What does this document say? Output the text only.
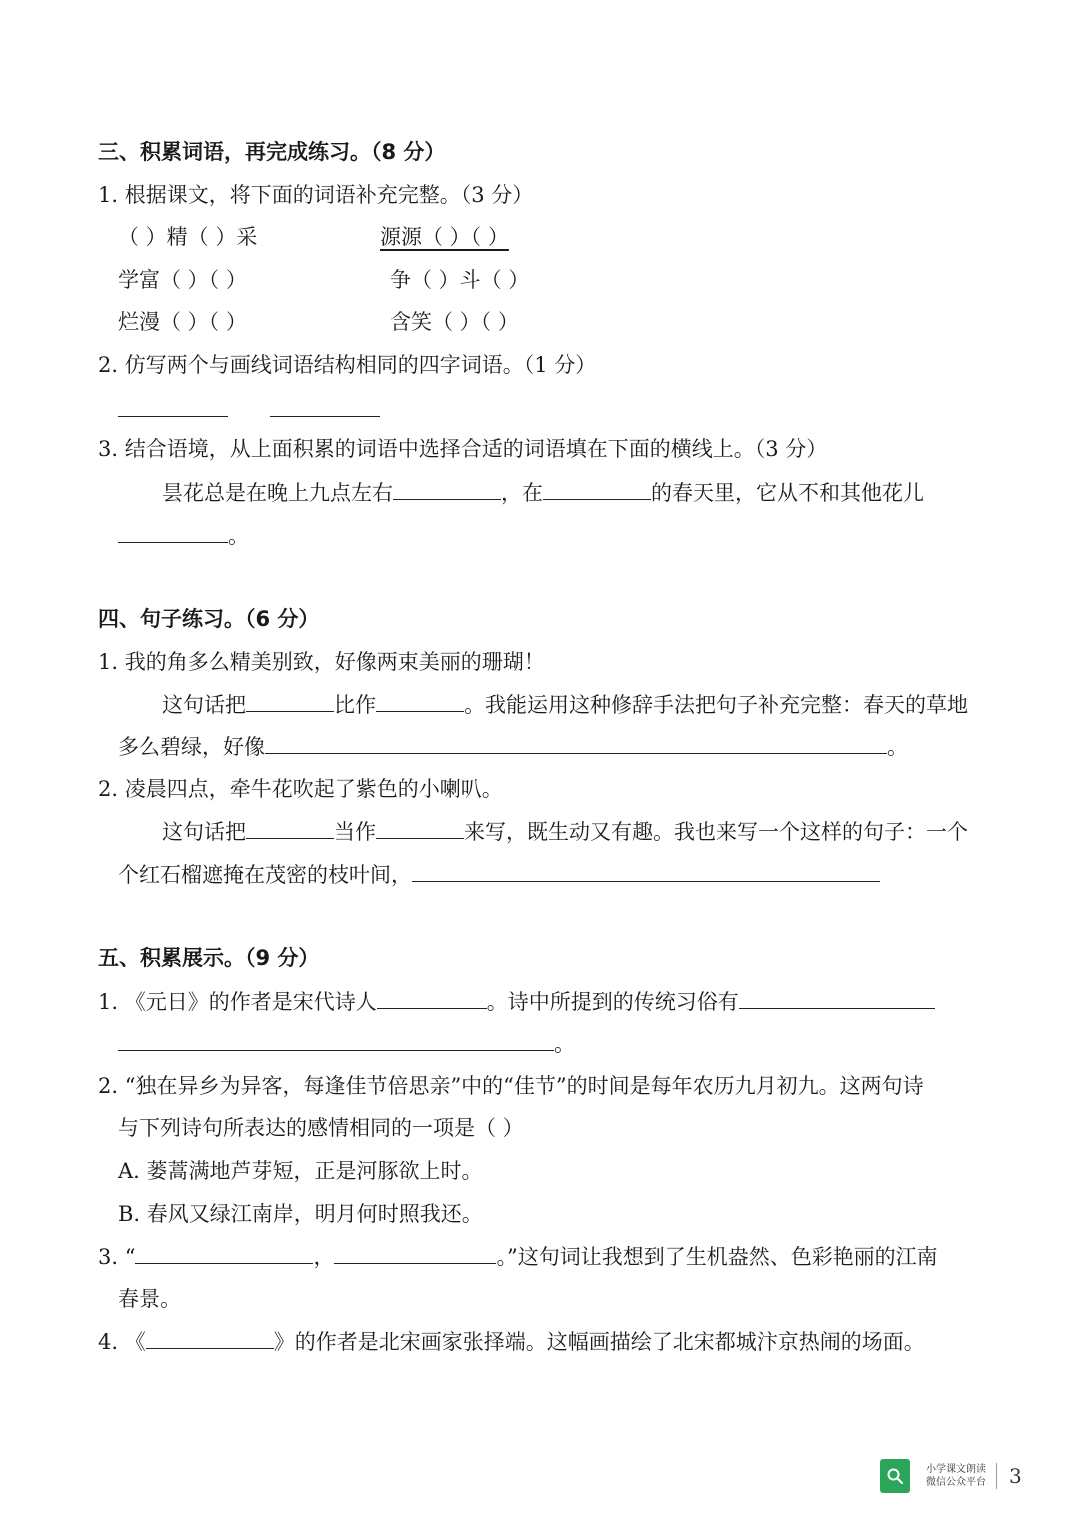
三、积累词语，再完成练习。（8 分）
1. 根据课文，将下面的词语补充完整。（3 分）
（ ）精（ ）采	源源（ ）（ ）
学富（ ）（ ）	争（ ）斗（ ）
烂漫（ ）（ ）	含笑（ ）（ ）
2. 仿写两个与画线词语结构相同的四字词语。（1 分）
3. 结合语境，从上面积累的词语中选择合适的词语填在下面的横线上。（3 分）
昙花总是在晚上九点左右	，在	的春天里，它从不和其他花儿
。
四、句子练习。（6 分）
1. 我的角多么精美别致，好像两束美丽的珊瑚！
这句话把	比作	。我能运用这种修辞手法把句子补充完整：春天的草地
多么碧绿，好像	。
2. 凌晨四点，牵牛花吹起了紫色的小喇叭。
这句话把	当作	来写，既生动又有趣。我也来写一个这样的句子：一个
个红石榴遮掩在茂密的枝叶间，
五、积累展示。（9 分）
1. 《元日》的作者是宋代诗人	。诗中所提到的传统习俗有
。
2. “独在异乡为异客，每逢佳节倍思亲”中的“佳节”的时间是每年农历九月初九。这两句诗
与下列诗句所表达的感情相同的一项是（ ）
A. 蒌蒿满地芦芽短，正是河豚欲上时。
B. 春风又绿江南岸，明月何时照我还。
3. “	，	。”这句词让我想到了生机盎然、色彩艳丽的江南
春景。
4. 《	》的作者是北宋画家张择端。这幅画描绘了北宋都城汴京热闹的场面。
小学课文朗读
微信公众平台 3
